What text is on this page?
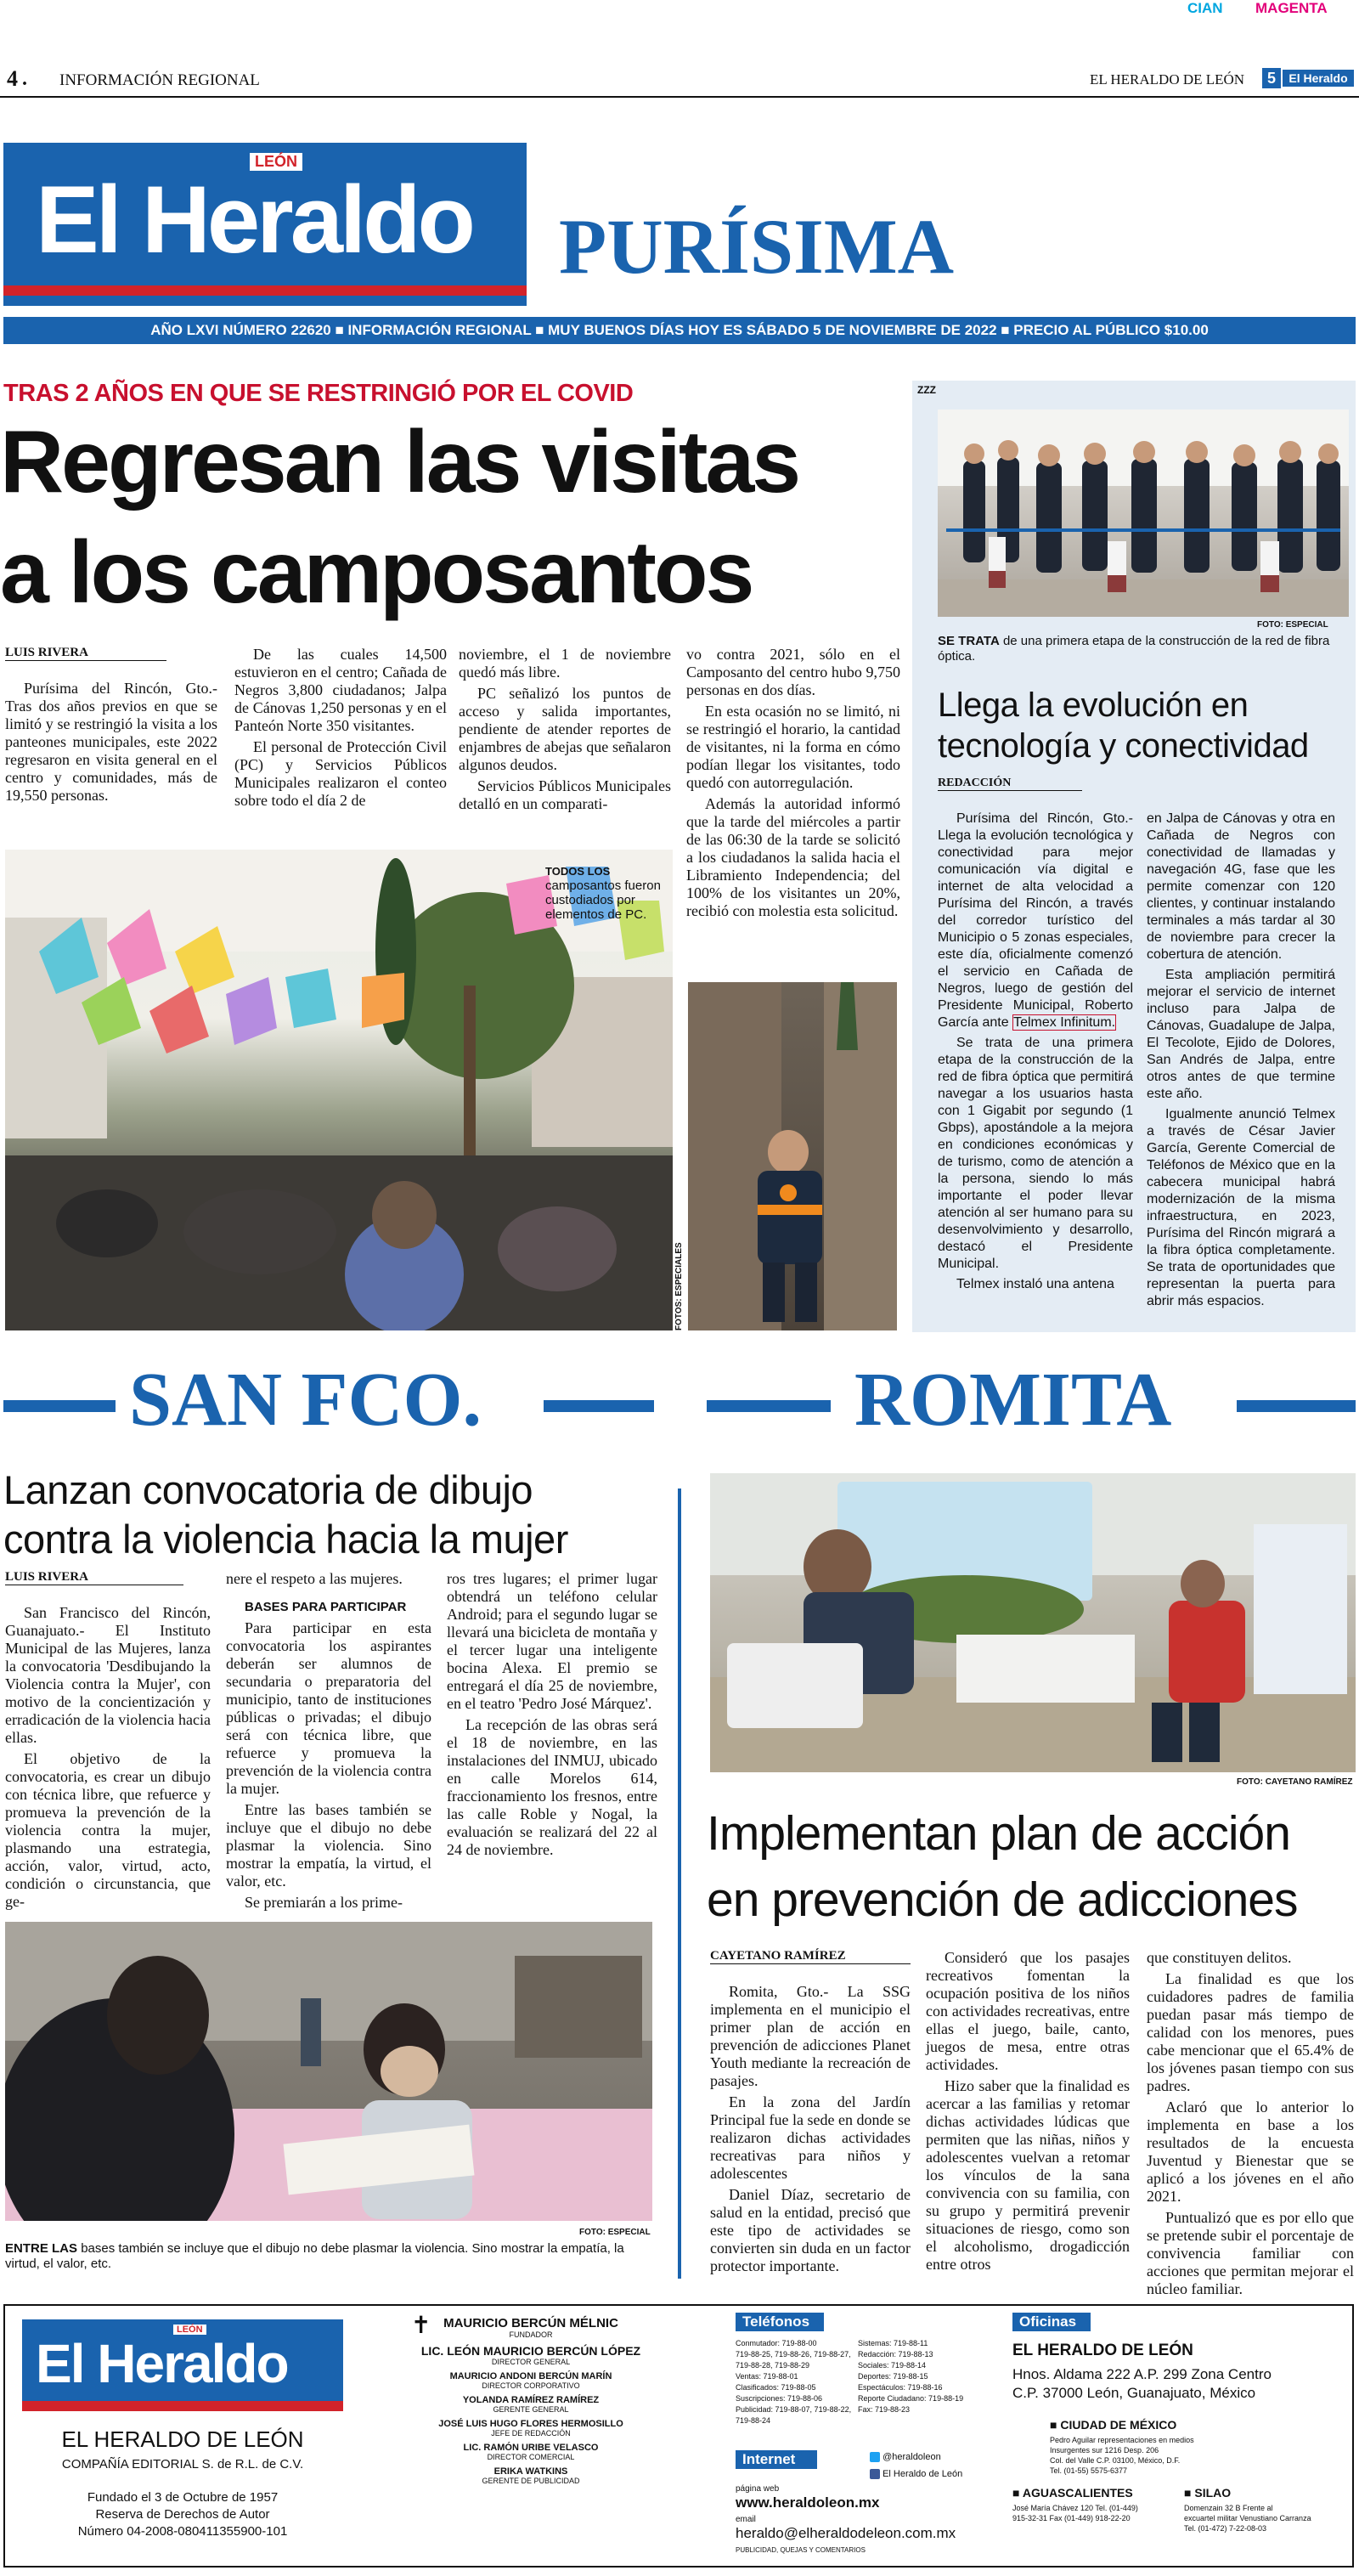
CIAN MAGENTA
4 . INFORMACIÓN REGIONAL	EL HERALDO DE LEÓN	5	El Heraldo
LEÓN
El Heraldo PURÍSIMA
AÑO LXVI NÚMERO 22620 ■ INFORMACIÓN REGIONAL ■ MUY BUENOS DÍAS HOY ES SÁBADO 5 DE NOVIEMBRE DE 2022 ■ PRECIO AL PÚBLICO $10.00
TRAS 2 AÑOS EN QUE SE RESTRINGIÓ POR EL COVID
Regresan las visitas
a los camposantos
LUIS RIVERA

Purísima del Rincón, Gto.- Tras dos años previos en que se limitó y se restringió la visita a los panteones municipales, este 2022 regresaron en visita general en el centro y comunidades, más de 19,550 personas.

De las cuales 14,500 estuvieron en el centro; Cañada de Negros 3,800 ciudadanos; Jalpa de Cánovas 1,250 personas y en el Panteón Norte 350 visitantes.

El personal de Protección Civil (PC) y Servicios Públicos Municipales realizaron el conteo sobre todo el día 2 de

noviembre, el 1 de noviembre quedó más libre.

PC señalizó los puntos de acceso y salida importantes, pendiente de atender reportes de enjambres de abejas que señalaron algunos deudos.

Servicios Públicos Municipales detalló en un comparati-

vo contra 2021, sólo en el Camposanto del centro hubo 9,750 personas en dos días.

En esta ocasión no se limitó, ni se restringió el horario, la cantidad de visitantes, ni la forma en cómo podían llegar los visitantes, todo quedó con autorregulación.

Además la autoridad informó que la tarde del miércoles a partir de las 06:30 de la tarde se solicitó a los ciudadanos la salida hacia el Libramiento Independencia; del 100% de los visitantes un 20%, recibió con molestia esta solicitud.

TODOS LOS
camposantos fueron custodiados por elementos de PC.
FOTOS: ESPECIALES
ZZZ
FOTO: ESPECIAL
SE TRATA de una primera etapa de la construcción de la red de fibra óptica.
Llega la evolución en tecnología y conectividad
REDACCIÓN

Purísima del Rincón, Gto.- Llega la evolución tecnológica y conectividad para mejor comunicación vía digital e internet de alta velocidad a Purísima del Rincón, a través del corredor turístico del Municipio o 5 zonas especiales, este día, oficialmente comenzó el servicio en Cañada de Negros, luego de gestión del Presidente Municipal, Roberto García ante Telmex Infinitum.

Se trata de una primera etapa de la construcción de la red de fibra óptica que permitirá navegar a los usuarios hasta con 1 Gigabit por segundo (1 Gbps), apostándole a la mejora en condiciones económicas y de turismo, como de atención a la persona, siendo lo más importante el poder llevar atención al ser humano para su desenvolvimiento y desarrollo, destacó el Presidente Municipal.

Telmex instaló una antena

en Jalpa de Cánovas y otra en Cañada de Negros con conectividad de llamadas y navegación 4G, fase que les permite comenzar con 120 clientes, y continuar instalando terminales a más tardar al 30 de noviembre para crecer la cobertura de atención.

Esta ampliación permitirá mejorar el servicio de internet incluso para Jalpa de Cánovas, Guadalupe de Jalpa, El Tecolote, Ejido de Dolores, San Andrés de Jalpa, entre otros antes de que termine este año.

Igualmente anunció Telmex a través de César Javier García, Gerente Comercial de Teléfonos de México que en la cabecera municipal habrá modernización de la misma infraestructura, en 2023, Purísima del Rincón migrará a la fibra óptica completamente. Se trata de oportunidades que representan la puerta para abrir más espacios.

SAN FCO.	ROMITA
Lanzan convocatoria de dibujo
contra la violencia hacia la mujer
LUIS RIVERA

San Francisco del Rincón, Guanajuato.- El Instituto Municipal de las Mujeres, lanza la convocatoria 'Desdibujando la Violencia contra la Mujer', con motivo de la concientización y erradicación de la violencia hacia ellas.

El objetivo de la convocatoria, es crear un dibujo con técnica libre, que refuerce y promueva la prevención de la violencia contra la mujer, plasmando una estrategia, acción, valor, virtud, acto, condición o circunstancia, que ge-

nere el respeto a las mujeres.

BASES PARA PARTICIPAR

Para participar en esta convocatoria los aspirantes deberán ser alumnos de secundaria o preparatoria del municipio, tanto de instituciones públicas o privadas; el dibujo será con técnica libre, que refuerce y promueva la prevención de la violencia contra la mujer.

Entre las bases también se incluye que el dibujo no debe plasmar la violencia. Sino mostrar la empatía, la virtud, el valor, etc.

Se premiarán a los prime-

ros tres lugares; el primer lugar obtendrá un teléfono celular Android; para el segundo lugar se llevará una bicicleta de montaña y el tercer lugar una inteligente bocina Alexa. El premio se entregará el día 25 de noviembre, en el teatro 'Pedro José Márquez'.

La recepción de las obras será el 18 de noviembre, en las instalaciones del INMUJ, ubicado en calle Morelos 614, fraccionamiento los fresnos, entre las calle Roble y Nogal, la evaluación se realizará del 22 al 24 de noviembre.

FOTO: ESPECIAL
ENTRE LAS bases también se incluye que el dibujo no debe plasmar la violencia. Sino mostrar la empatía, la virtud, el valor, etc.
FOTO: CAYETANO RAMÍREZ
Implementan plan de acción
en prevención de adicciones
CAYETANO RAMÍREZ

Romita, Gto.- La SSG implementa en el municipio el primer plan de acción en prevención de adicciones Planet Youth mediante la recreación de pasajes.

En la zona del Jardín Principal fue la sede en donde se realizaron dichas actividades recreativas para niños y adolescentes

Daniel Díaz, secretario de salud en la entidad, precisó que este tipo de actividades se convierten sin duda en un factor protector importante.

Consideró que los pasajes recreativos fomentan la ocupación positiva de los niños con actividades recreativas, entre ellas el juego, baile, canto, juegos de mesa, entre otras actividades.

Hizo saber que la finalidad es acercar a las familias y retomar dichas actividades lúdicas que permiten que las niñas, niños y adolescentes vuelvan a retomar los vínculos de la sana convivencia con su familia, con su grupo y permitirá prevenir situaciones de riesgo, como son el alcoholismo, drogadicción entre otros

que constituyen delitos.

La finalidad es que los cuidadores padres de familia puedan pasar más tiempo de calidad con los menores, pues cabe mencionar que el 65.4% de los jóvenes pasan tiempo con sus padres.

Aclaró que lo anterior lo implementa en base a los resultados de la encuesta Juventud y Bienestar que se aplicó a los jóvenes en el año 2021.

Puntualizó que es por ello que se pretende subir el porcentaje de convivencia familiar con acciones que permitan mejorar el núcleo familiar.

LEÓN
El Heraldo
EL HERALDO DE LEÓN
COMPAÑÍA EDITORIAL S. de R.L. de C.V.
Fundado el 3 de Octubre de 1957
Reserva de Derechos de Autor
Número 04-2008-080411355900-101
✝ MAURICIO BERCÚN MÉLNIC
FUNDADOR
LIC. LEÓN MAURICIO BERCÚN LÓPEZ
DIRECTOR GENERAL
MAURICIO ANDONI BERCÚN MARÍN
DIRECTOR CORPORATIVO
YOLANDA RAMÍREZ RAMÍREZ
GERENTE GENERAL
JOSÉ LUIS HUGO FLORES HERMOSILLO
JEFE DE REDACCIÓN
LIC. RAMÓN URIBE VELASCO
DIRECTOR COMERCIAL
ERIKA WATKINS
GERENTE DE PUBLICIDAD
Teléfonos
Conmutador: 719-88-00
719-88-25, 719-88-26, 719-88-27,
719-88-28, 719-88-29
Ventas: 719-88-01
Clasificados: 719-88-05
Suscripciones: 719-88-06
Publicidad: 719-88-07, 719-88-22,
719-88-24
Sistemas: 719-88-11
Redacción: 719-88-13
Sociales: 719-88-14
Deportes: 719-88-15
Espectáculos: 719-88-16
Reporte Ciudadano: 719-88-19
Fax: 719-88-23
Internet	@heraldoleon
El Heraldo de León
página web
www.heraldoleon.mx
email
heraldo@elheraldodeleon.com.mx
PUBLICIDAD, QUEJAS Y COMENTARIOS
Oficinas
EL HERALDO DE LEÓN
Hnos. Aldama 222 A.P. 299 Zona Centro
C.P. 37000 León, Guanajuato, México
■ CIUDAD DE MÉXICO
Pedro Aguilar representaciones en medios
Insurgentes sur 1216 Desp. 206
Col. del Valle C.P. 03100, México, D.F.
Tel. (01-55) 5575-6377
■ AGUASCALIENTES
José María Chávez 120 Tel. (01-449)
915-32-31 Fax (01-449) 918-22-20
■ SILAO
Domenzain 32 B Frente al
excuartel militar Venustiano Carranza
Tel. (01-472) 7-22-08-03
